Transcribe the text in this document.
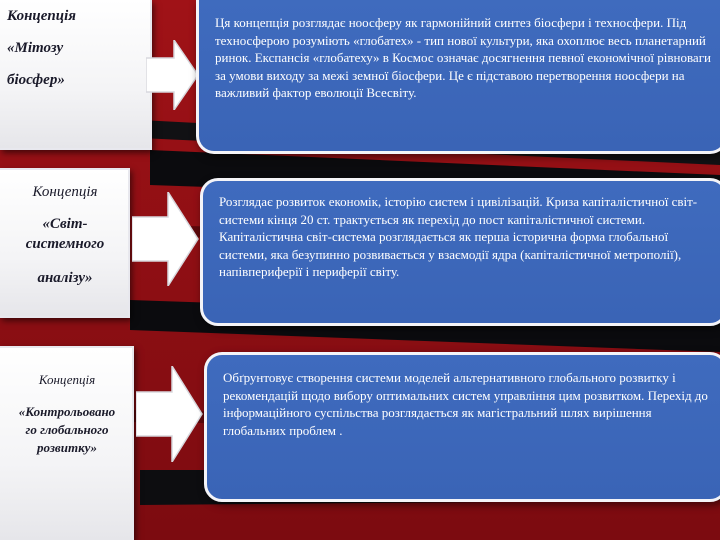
Концепція
«Мітозу
біосфер»
Концепція
«Світ-
системного
аналізу»
Концепція
«Контрольовано
го глобального
розвитку»

Ця концепція розглядає ноосферу як гармонійний синтез біосфери і техносфери. Під техносферою розуміють «глобатех» - тип нової культури, яка охоплює весь планетарний ринок. Експансія «глобатеху» в Космос означає досягнення певної економічної рівноваги за умови виходу за межі земної біосфери. Це є підставою перетворення ноосфери на важливий фактор еволюції Всесвіту.

Розглядає розвиток економік, історію систем і цивілізацій. Криза капіталістичної світ-системи кінця 20 ст. трактується як перехід до пост капіталістичної системи. Капіталістична світ-система розглядається як перша історична форма глобальної системи, яка безупинно розвивається у взаємодії ядра (капіталістичної метрополії), напівпериферії і периферії світу.

Обґрунтовує створення системи моделей альтернативного глобального розвитку і рекомендацій щодо вибору оптимальних систем управління цим розвитком. Перехід до інформаційного суспільства розглядається як магістральний шлях вирішення глобальних проблем .
